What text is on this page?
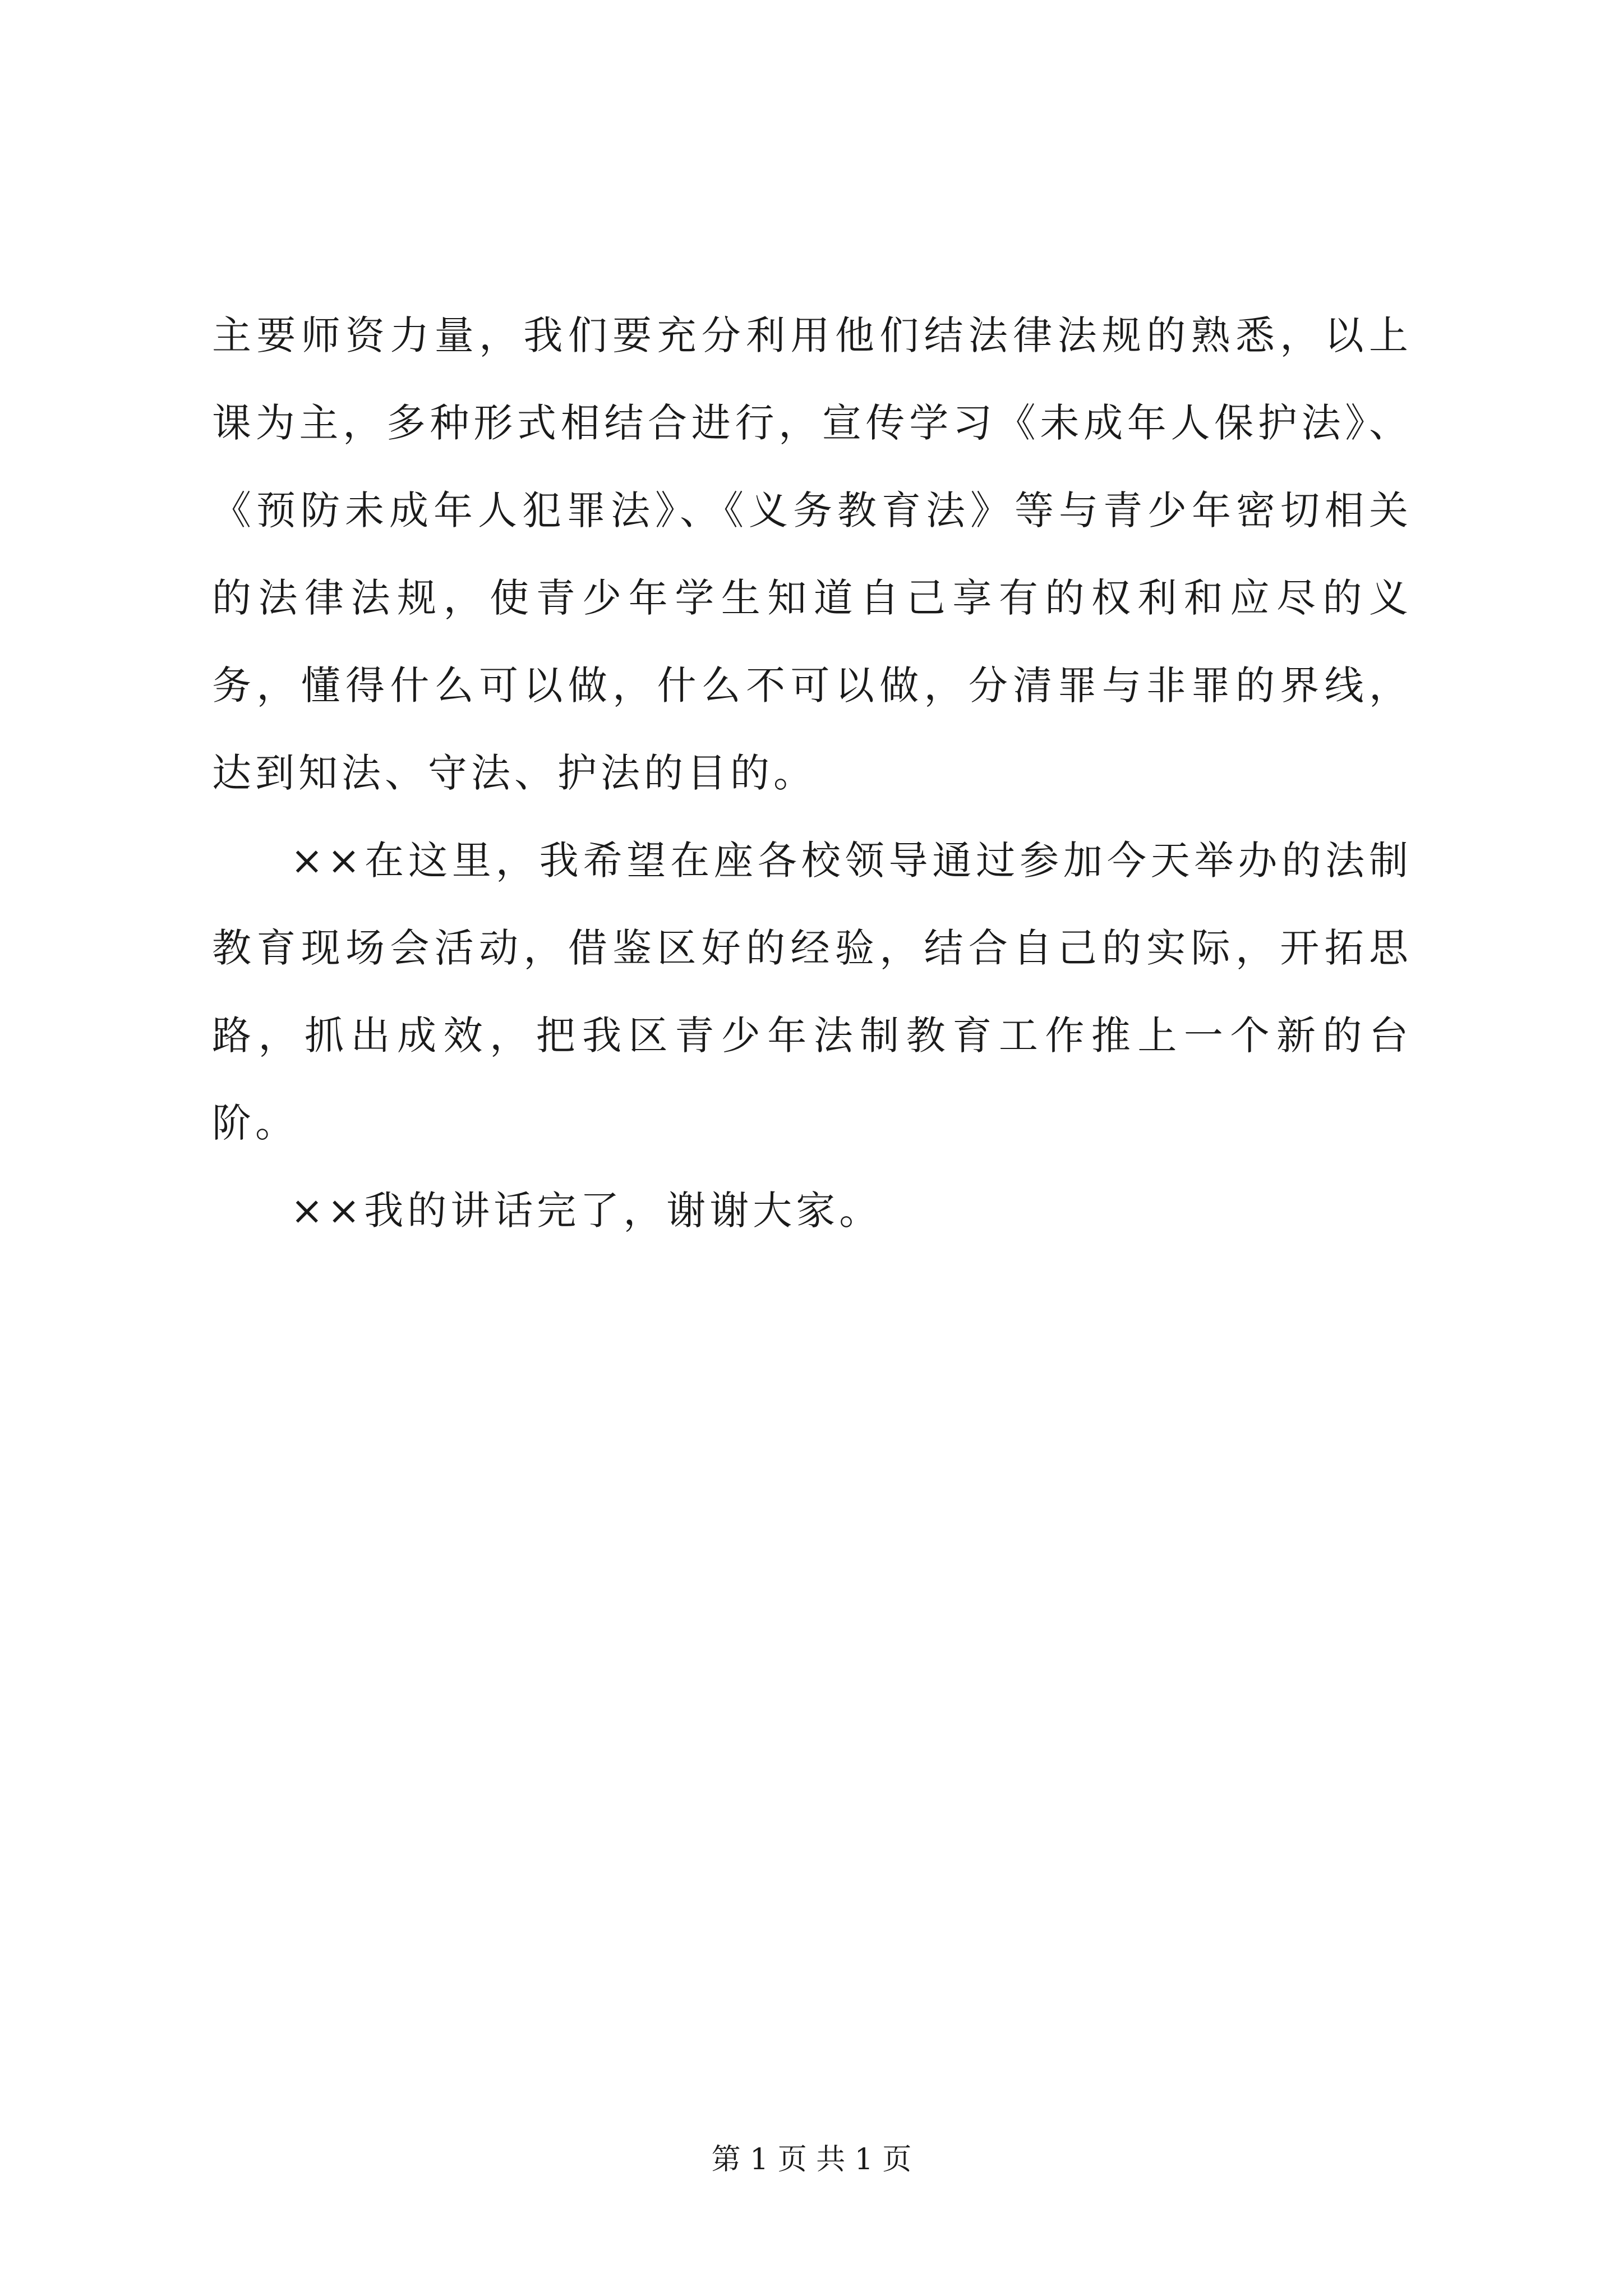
主要师资力量，我们要充分利用他们结法律法规的熟悉，以上课为主，多种形式相结合进行，宣传学习《未成年人保护法》、《预防未成年人犯罪法》、《义务教育法》等与青少年密切相关的法律法规，使青少年学生知道自己享有的权利和应尽的义务，懂得什么可以做，什么不可以做，分清罪与非罪的界线，达到知法、守法、护法的目的。

××在这里，我希望在座各校领导通过参加今天举办的法制教育现场会活动，借鉴区好的经验，结合自己的实际，开拓思路，抓出成效，把我区青少年法制教育工作推上一个新的台阶。

××我的讲话完了，谢谢大家。

第 1 页 共 1 页
